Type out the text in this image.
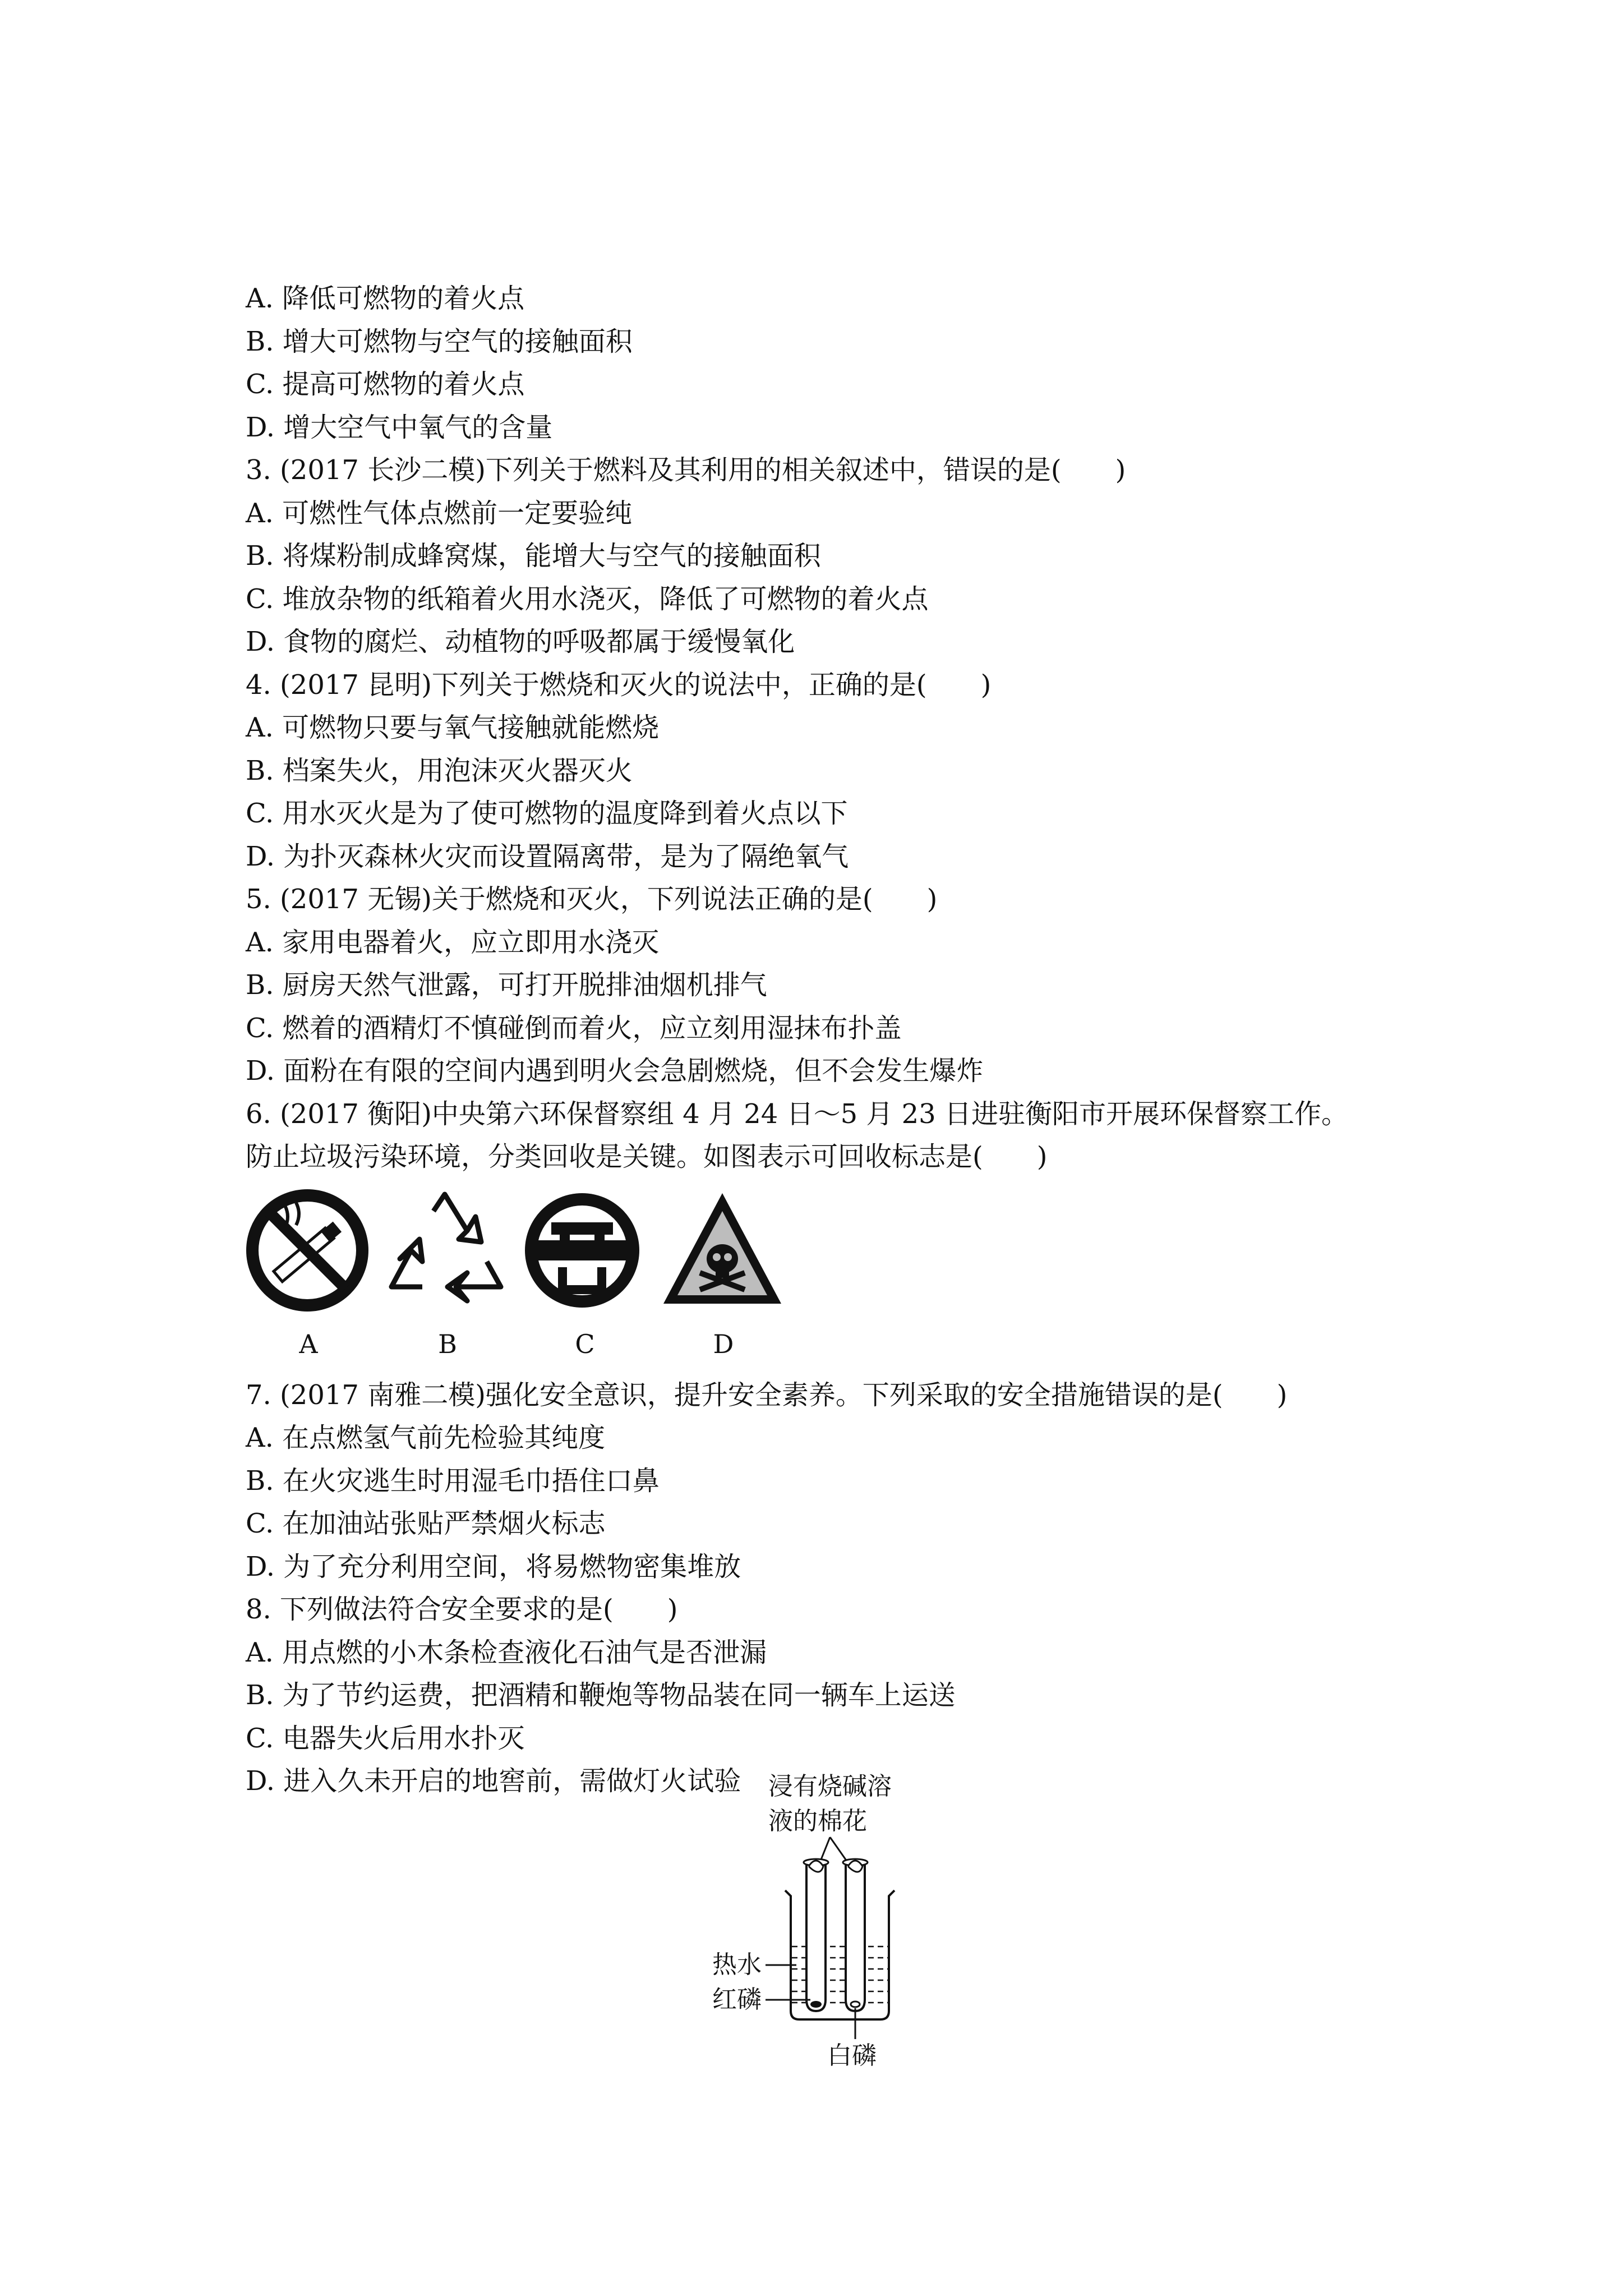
A. 降低可燃物的着火点
B. 增大可燃物与空气的接触面积
C. 提高可燃物的着火点
D. 增大空气中氧气的含量
3. (2017 长沙二模)下列关于燃料及其利用的相关叙述中，错误的是(　　)
A. 可燃性气体点燃前一定要验纯
B. 将煤粉制成蜂窝煤，能增大与空气的接触面积
C. 堆放杂物的纸箱着火用水浇灭，降低了可燃物的着火点
D. 食物的腐烂、动植物的呼吸都属于缓慢氧化
4. (2017 昆明)下列关于燃烧和灭火的说法中，正确的是(　　)
A. 可燃物只要与氧气接触就能燃烧
B. 档案失火，用泡沫灭火器灭火
C. 用水灭火是为了使可燃物的温度降到着火点以下
D. 为扑灭森林火灾而设置隔离带，是为了隔绝氧气
5. (2017 无锡)关于燃烧和灭火，下列说法正确的是(　　)
A. 家用电器着火，应立即用水浇灭
B. 厨房天然气泄露，可打开脱排油烟机排气
C. 燃着的酒精灯不慎碰倒而着火，应立刻用湿抹布扑盖
D. 面粉在有限的空间内遇到明火会急剧燃烧，但不会发生爆炸
6. (2017 衡阳)中央第六环保督察组 4 月 24 日～5 月 23 日进驻衡阳市开展环保督察工作。
防止垃圾污染环境，分类回收是关键。如图表示可回收标志是(　　)
A	B	C	D
7. (2017 南雅二模)强化安全意识，提升安全素养。下列采取的安全措施错误的是(　　)
A. 在点燃氢气前先检验其纯度
B. 在火灾逃生时用湿毛巾捂住口鼻
C. 在加油站张贴严禁烟火标志
D. 为了充分利用空间，将易燃物密集堆放
8. 下列做法符合安全要求的是(　　)
A. 用点燃的小木条检查液化石油气是否泄漏
B. 为了节约运费，把酒精和鞭炮等物品装在同一辆车上运送
C. 电器失火后用水扑灭
D. 进入久未开启的地窖前，需做灯火试验	浸有烧碱溶
液的棉花
热水
红磷
白磷
